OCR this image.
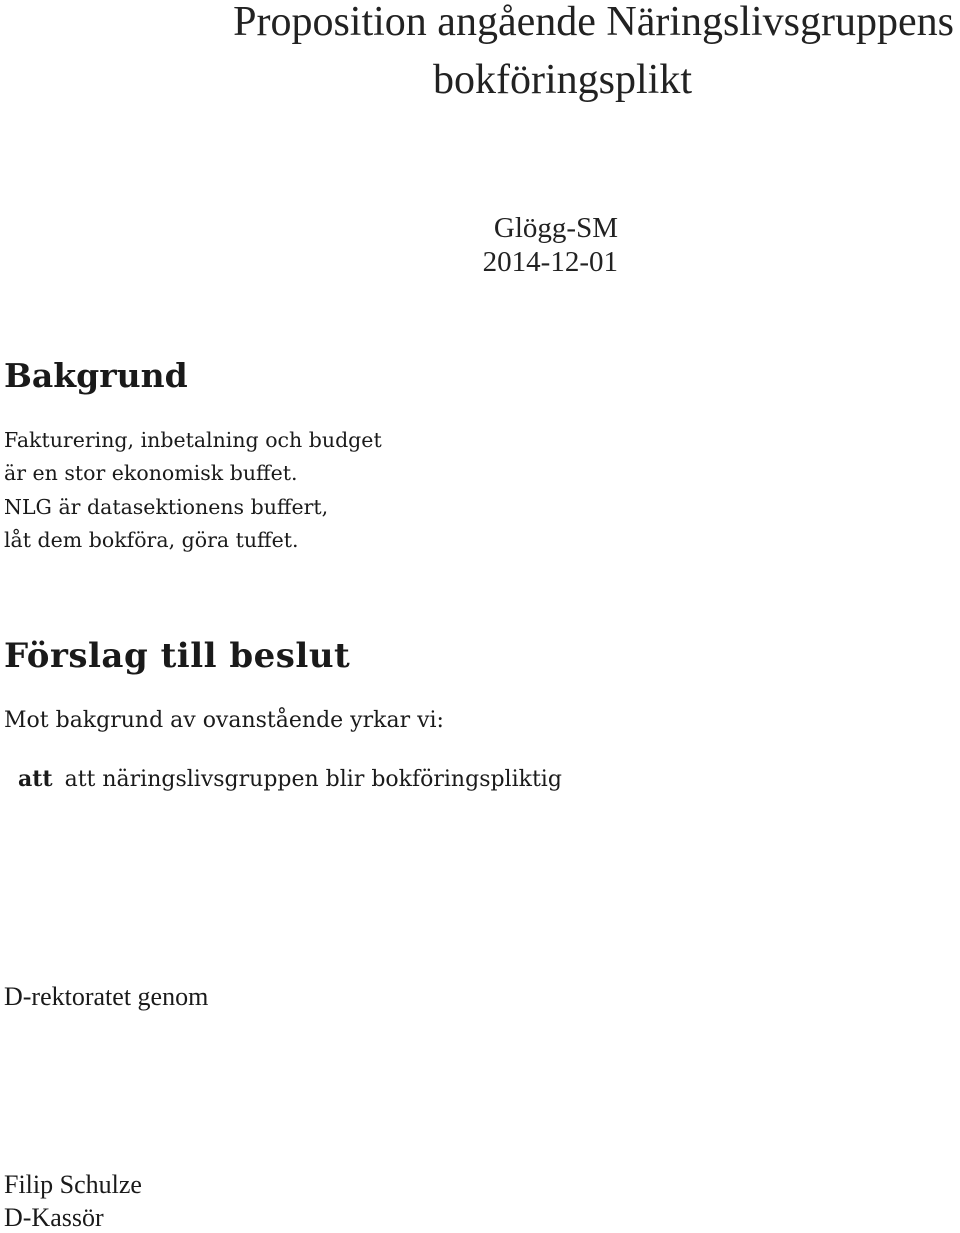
Proposition angående Näringslivsgruppens
bokföringsplikt
Glögg-SM
2014-12-01
Bakgrund
Fakturering, inbetalning och budget
är en stor ekonomisk buffet.
NLG är datasektionens buffert,
låt dem bokföra, göra tuffet.
Förslag till beslut
Mot bakgrund av ovanstående yrkar vi:
att att näringslivsgruppen blir bokföringspliktig
D-rektoratet genom
Filip Schulze
D-Kassör
